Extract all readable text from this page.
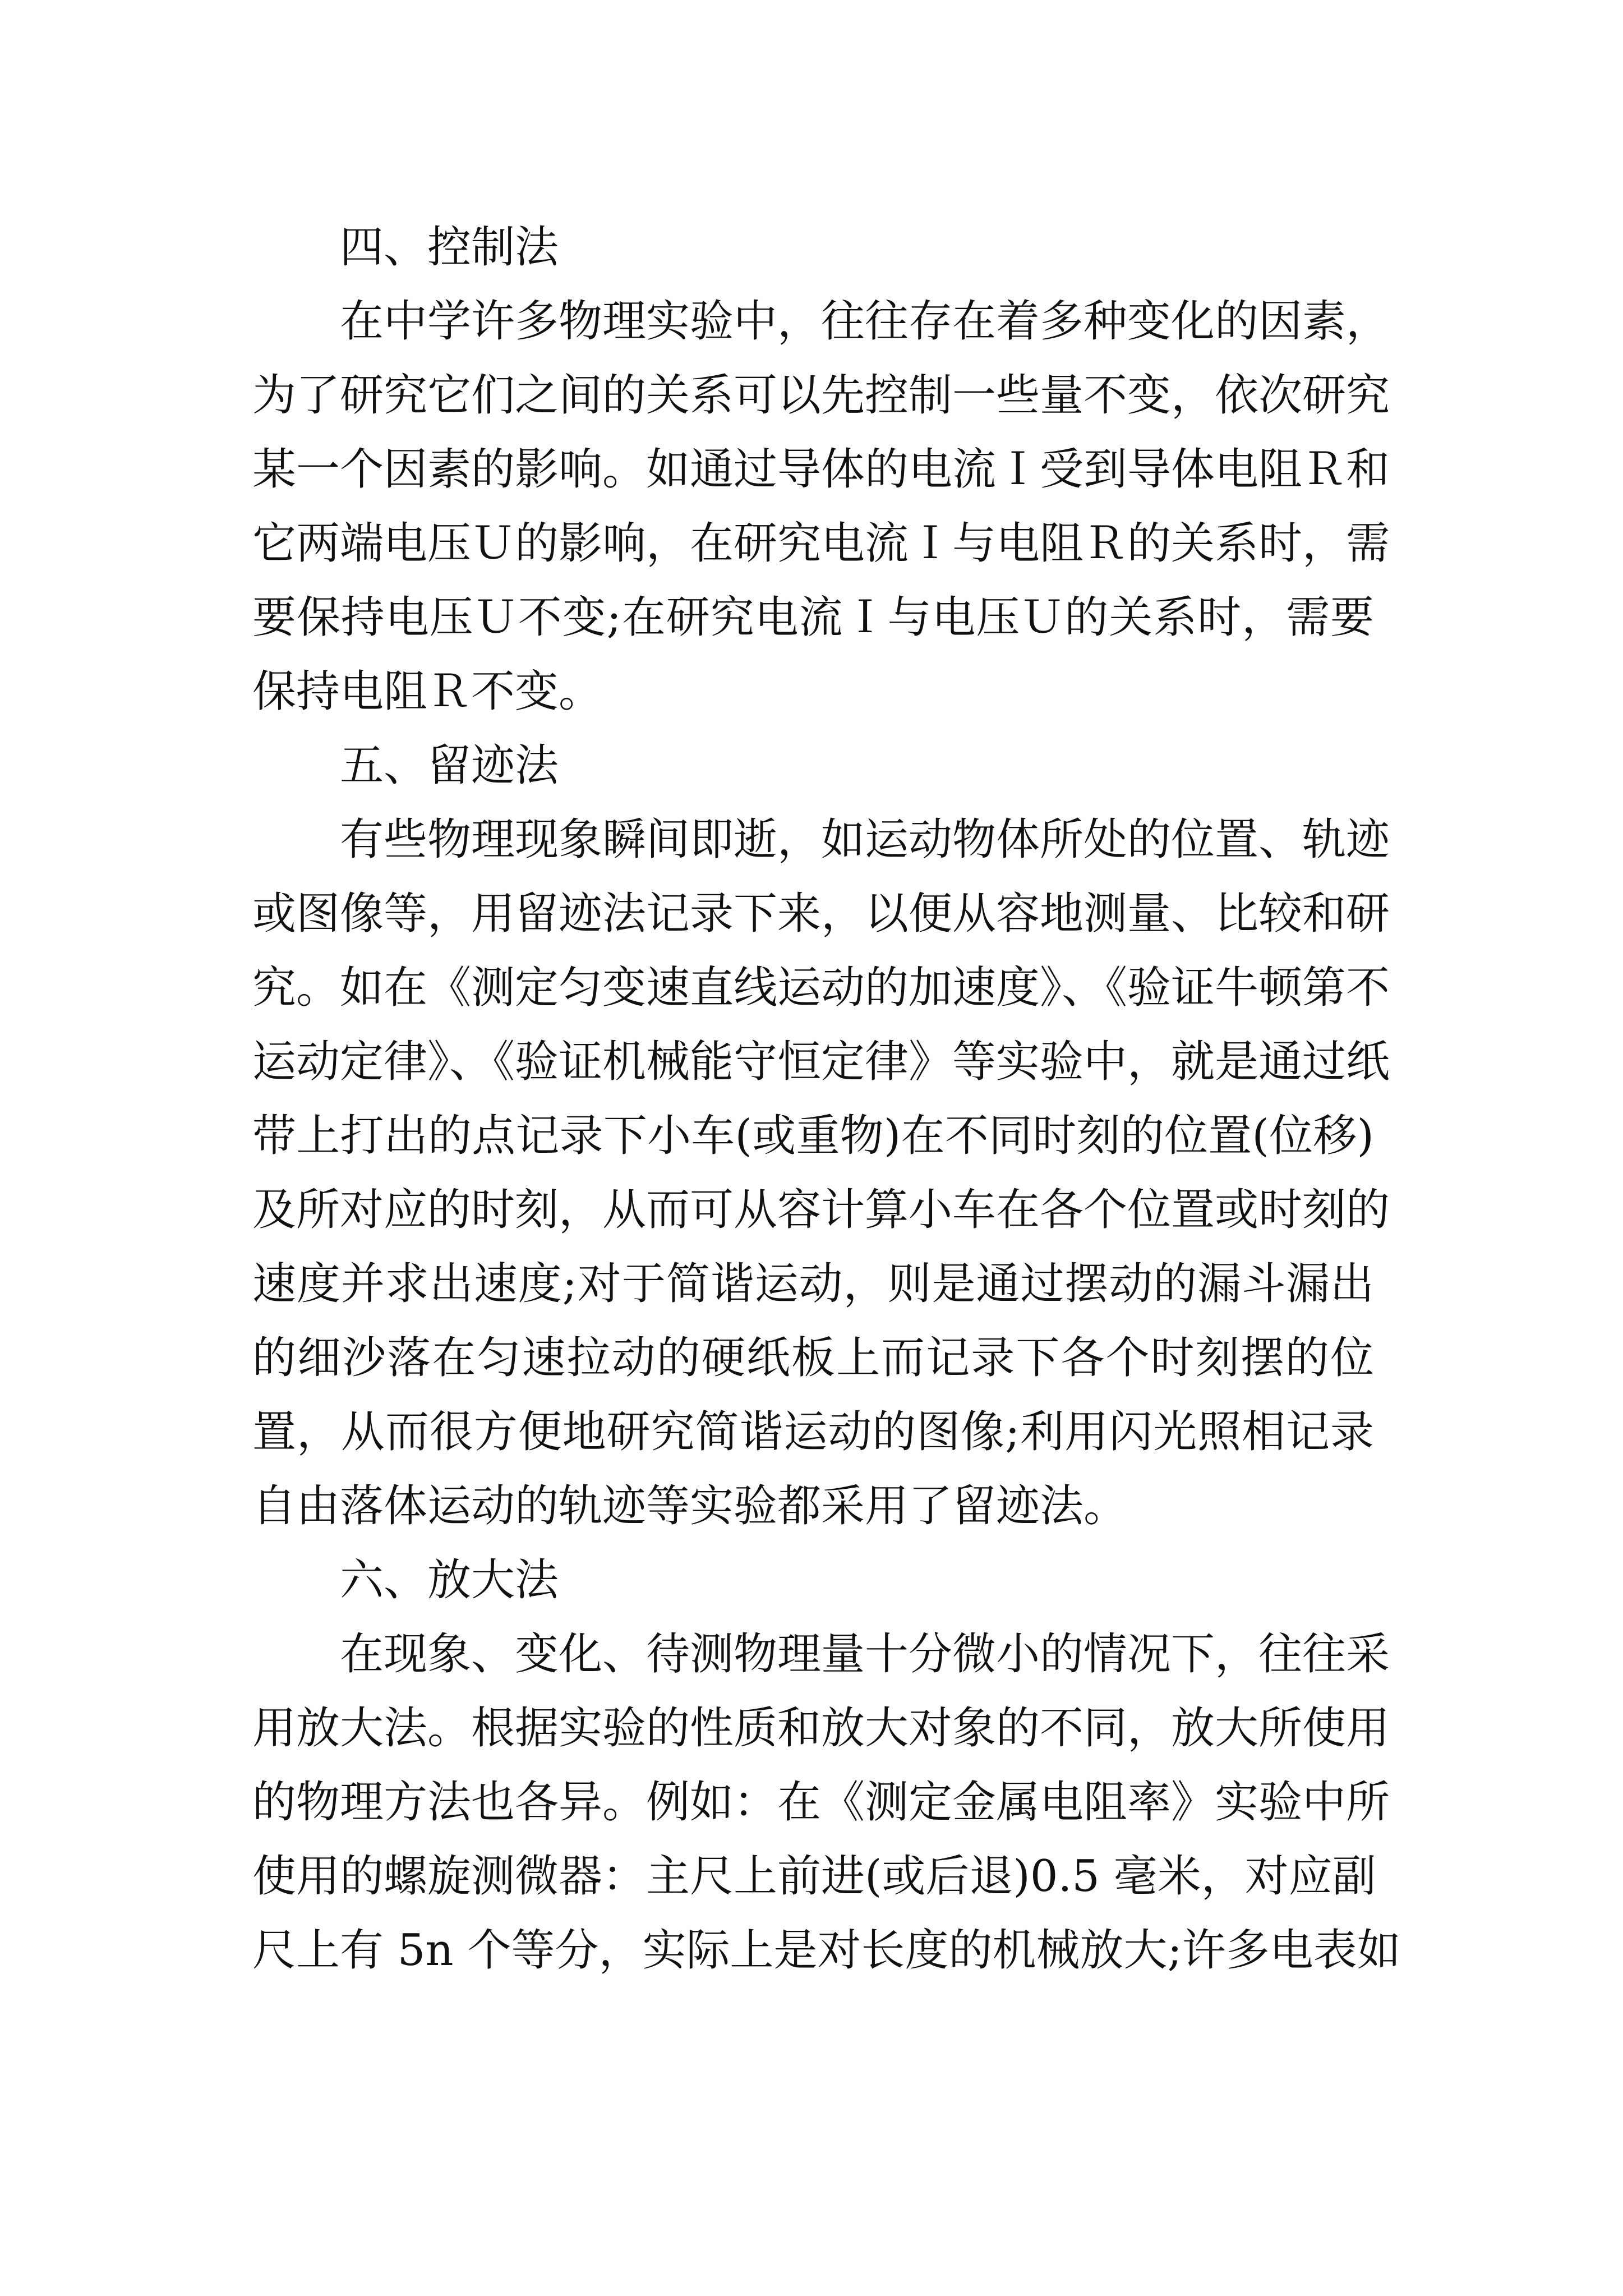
四、控制法
在中学许多物理实验中，往往存在着多种变化的因素，
为了研究它们之间的关系可以先控制一些量不变，依次研究
某一个因素的影响。如通过导体的电流Ｉ受到导体电阻Ｒ和
它两端电压Ｕ的影响，在研究电流Ｉ与电阻Ｒ的关系时，需
要保持电压Ｕ不变;在研究电流Ｉ与电压Ｕ的关系时，需要
保持电阻Ｒ不变。
五、留迹法
有些物理现象瞬间即逝，如运动物体所处的位置、轨迹
或图像等，用留迹法记录下来，以便从容地测量、比较和研
究。如在《测定匀变速直线运动的加速度》、《验证牛顿第不
运动定律》、《验证机械能守恒定律》等实验中，就是通过纸
带上打出的点记录下小车(或重物)在不同时刻的位置(位移)
及所对应的时刻，从而可从容计算小车在各个位置或时刻的
速度并求出速度;对于简谐运动，则是通过摆动的漏斗漏出
的细沙落在匀速拉动的硬纸板上而记录下各个时刻摆的位
置，从而很方便地研究简谐运动的图像;利用闪光照相记录
自由落体运动的轨迹等实验都采用了留迹法。
六、放大法
在现象、变化、待测物理量十分微小的情况下，往往采
用放大法。根据实验的性质和放大对象的不同，放大所使用
的物理方法也各异。例如：在《测定金属电阻率》实验中所
使用的螺旋测微器：主尺上前进(或后退)0.5 毫米，对应副
尺上有 5n 个等分，实际上是对长度的机械放大;许多电表如
